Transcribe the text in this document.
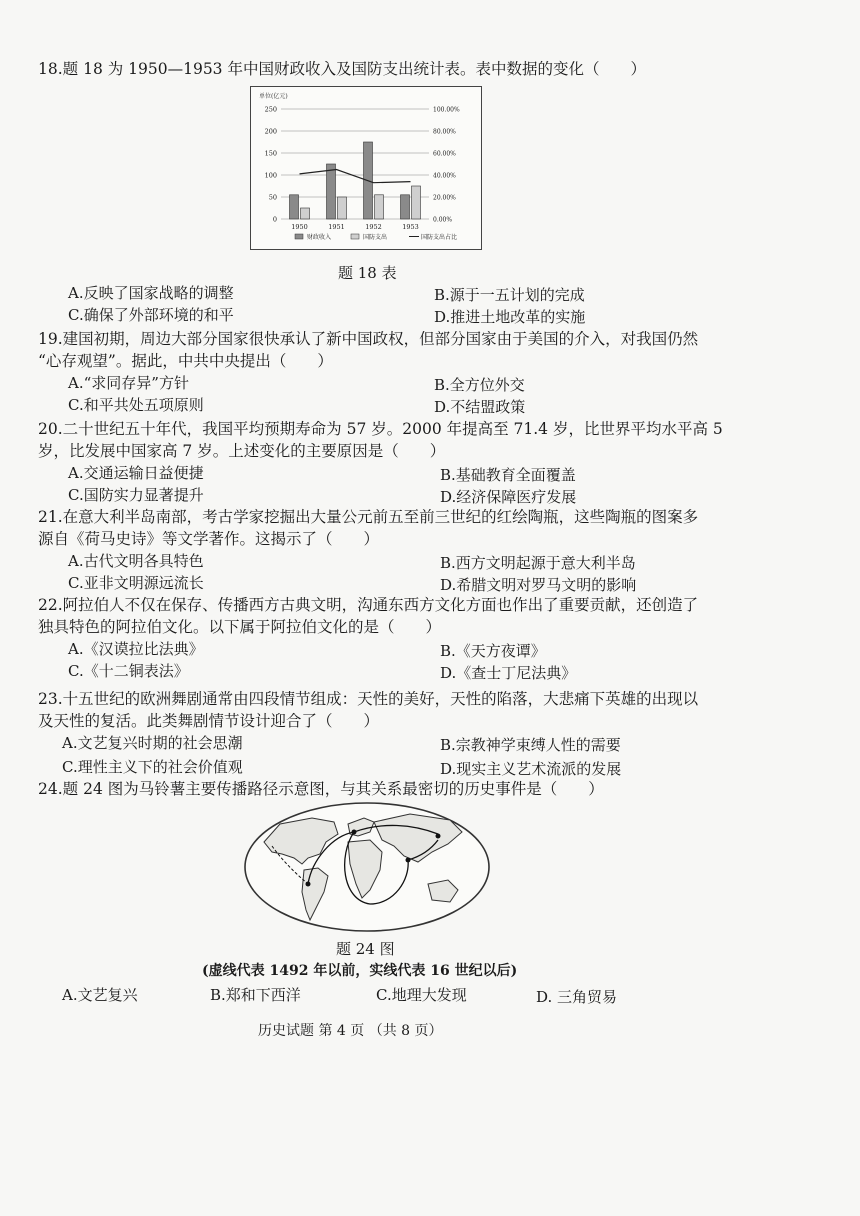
18.题 18 为 1950—1953 年中国财政收入及国防支出统计表。表中数据的变化（　　）
单位(亿元)
250
200
150
100
50
0
100.00%
80.00%
60.00%
40.00%
20.00%
0.00%
1950	1951	1952	1953
财政收入	国防支出	国防支出占比
题 18 表
A.反映了国家战略的调整	B.源于一五计划的完成
C.确保了外部环境的和平	D.推进土地改革的实施
19.建国初期，周边大部分国家很快承认了新中国政权，但部分国家由于美国的介入，对我国仍然
“心存观望”。据此，中共中央提出（　　）
A.“求同存异”方针	B.全方位外交
C.和平共处五项原则	D.不结盟政策
20.二十世纪五十年代，我国平均预期寿命为 57 岁。2000 年提高至 71.4 岁，比世界平均水平高 5
岁，比发展中国家高 7 岁。上述变化的主要原因是（　　）
A.交通运输日益便捷	B.基础教育全面覆盖
C.国防实力显著提升	D.经济保障医疗发展
21.在意大利半岛南部，考古学家挖掘出大量公元前五至前三世纪的红绘陶瓶，这些陶瓶的图案多
源自《荷马史诗》等文学著作。这揭示了（　　）
A.古代文明各具特色	B.西方文明起源于意大利半岛
C.亚非文明源远流长	D.希腊文明对罗马文明的影响
22.阿拉伯人不仅在保存、传播西方古典文明，沟通东西方文化方面也作出了重要贡献，还创造了
独具特色的阿拉伯文化。以下属于阿拉伯文化的是（　　）
A.《汉谟拉比法典》	B.《天方夜谭》
C.《十二铜表法》	D.《查士丁尼法典》
23.十五世纪的欧洲舞剧通常由四段情节组成：天性的美好，天性的陷落，大悲痛下英雄的出现以
及天性的复活。此类舞剧情节设计迎合了（　　）
A.文艺复兴时期的社会思潮	B.宗教神学束缚人性的需要
C.理性主义下的社会价值观	D.现实主义艺术流派的发展
24.题 24 图为马铃薯主要传播路径示意图，与其关系最密切的历史事件是（　　）
题 24 图
(虚线代表 1492 年以前，实线代表 16 世纪以后)
A.文艺复兴	B.郑和下西洋	C.地理大发现	D. 三角贸易
历史试题 第 4 页 （共 8 页）
